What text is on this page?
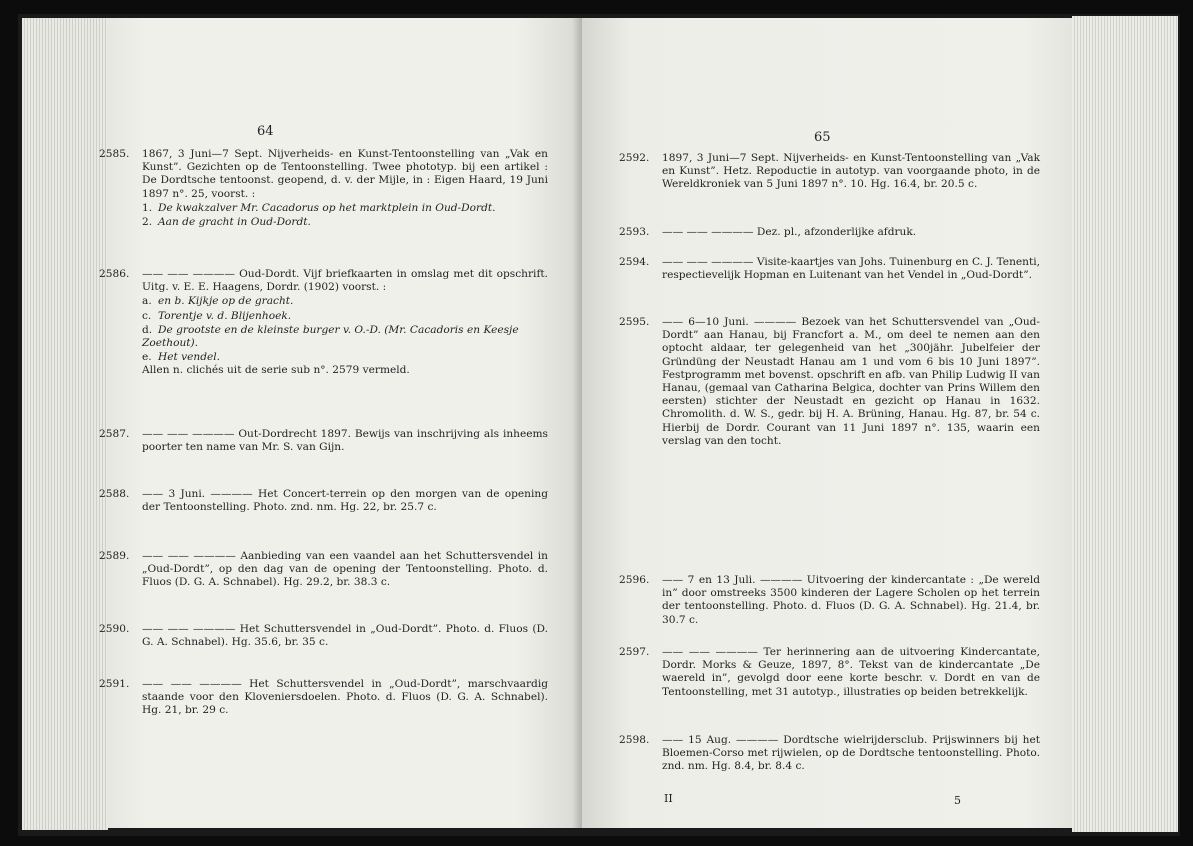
64
2585.	1867, 3 Juni—7 Sept. Nijverheids- en Kunst-Tentoonstelling van „Vak en Kunst”. Gezichten op de Tentoonstelling. Twee phototyp. bij een artikel : De Dordtsche tentoonst. geopend, d. v. der Mijle, in : Eigen Haard, 19 Juni 1897 n°. 25, voorst. :
1. De kwakzalver Mr. Cacadorus op het marktplein in Oud-Dordt.
2. Aan de gracht in Oud-Dordt.
2586.	—— —— ———— Oud-Dordt. Vijf briefkaarten in omslag met dit opschrift. Uitg. v. E. E. Haagens, Dordr. (1902) voorst. :
a. en b. Kijkje op de gracht.
c. Torentje v. d. Blijenhoek.
d. De grootste en de kleinste burger v. O.-D. (Mr. Cacadoris en Keesje Zoethout).
e. Het vendel.
Allen n. clichés uit de serie sub n°. 2579 vermeld.
2587.	—— —— ———— Out-Dordrecht 1897. Bewijs van inschrijving als inheems poorter ten name van Mr. S. van Gijn.
2588.	—— 3 Juni. ———— Het Concert-terrein op den morgen van de opening der Tentoonstelling. Photo. znd. nm. Hg. 22, br. 25.7 c.
2589.	—— —— ———— Aanbieding van een vaandel aan het Schuttersvendel in „Oud-Dordt”, op den dag van de opening der Tentoonstelling. Photo. d. Fluos (D. G. A. Schnabel). Hg. 29.2, br. 38.3 c.
2590.	—— —— ———— Het Schuttersvendel in „Oud-Dordt”. Photo. d. Fluos (D. G. A. Schnabel). Hg. 35.6, br. 35 c.
2591.	—— —— ———— Het Schuttersvendel in „Oud-Dordt”, marschvaardig staande voor den Kloveniersdoelen. Photo. d. Fluos (D. G. A. Schnabel). Hg. 21, br. 29 c.
65
2592.	1897, 3 Juni—7 Sept. Nijverheids- en Kunst-Tentoonstelling van „Vak en Kunst”. Hetz. Repoductie in autotyp. van voorgaande photo, in de Wereldkroniek van 5 Juni 1897 n°. 10. Hg. 16.4, br. 20.5 c.
2593.	—— —— ———— Dez. pl., afzonderlijke afdruk.
2594.	—— —— ———— Visite-kaartjes van Johs. Tuinenburg en C. J. Tenenti, respectievelijk Hopman en Luitenant van het Vendel in „Oud-Dordt”.
2595.	—— 6—10 Juni. ———— Bezoek van het Schuttersvendel van „Oud-Dordt” aan Hanau, bij Francfort a. M., om deel te nemen aan den optocht aldaar, ter gelegenheid van het „300jähr. Jubelfeier der Gründüng der Neustadt Hanau am 1 und vom 6 bis 10 Juni 1897”. Festprogramm met bovenst. opschrift en afb. van Philip Ludwig II van Hanau, (gemaal van Catharina Belgica, dochter van Prins Willem den eersten) stichter der Neustadt en gezicht op Hanau in 1632. Chromolith. d. W. S., gedr. bij H. A. Brüning, Hanau. Hg. 87, br. 54 c. Hierbij de Dordr. Courant van 11 Juni 1897 n°. 135, waarin een verslag van den tocht.
2596.	—— 7 en 13 Juli. ———— Uitvoering der kindercantate : „De wereld in” door omstreeks 3500 kinderen der Lagere Scholen op het terrein der tentoonstelling. Photo. d. Fluos (D. G. A. Schnabel). Hg. 21.4, br. 30.7 c.
2597.	—— —— ———— Ter herinnering aan de uitvoering Kindercantate, Dordr. Morks & Geuze, 1897, 8°. Tekst van de kindercantate „De waereld in”, gevolgd door eene korte beschr. v. Dordt en van de Tentoonstelling, met 31 autotyp., illustraties op beiden betrekkelijk.
2598.	—— 15 Aug. ———— Dordtsche wielrijdersclub. Prijswinners bij het Bloemen-Corso met rijwielen, op de Dordtsche tentoonstelling. Photo. znd. nm. Hg. 8.4, br. 8.4 c.
II	5
